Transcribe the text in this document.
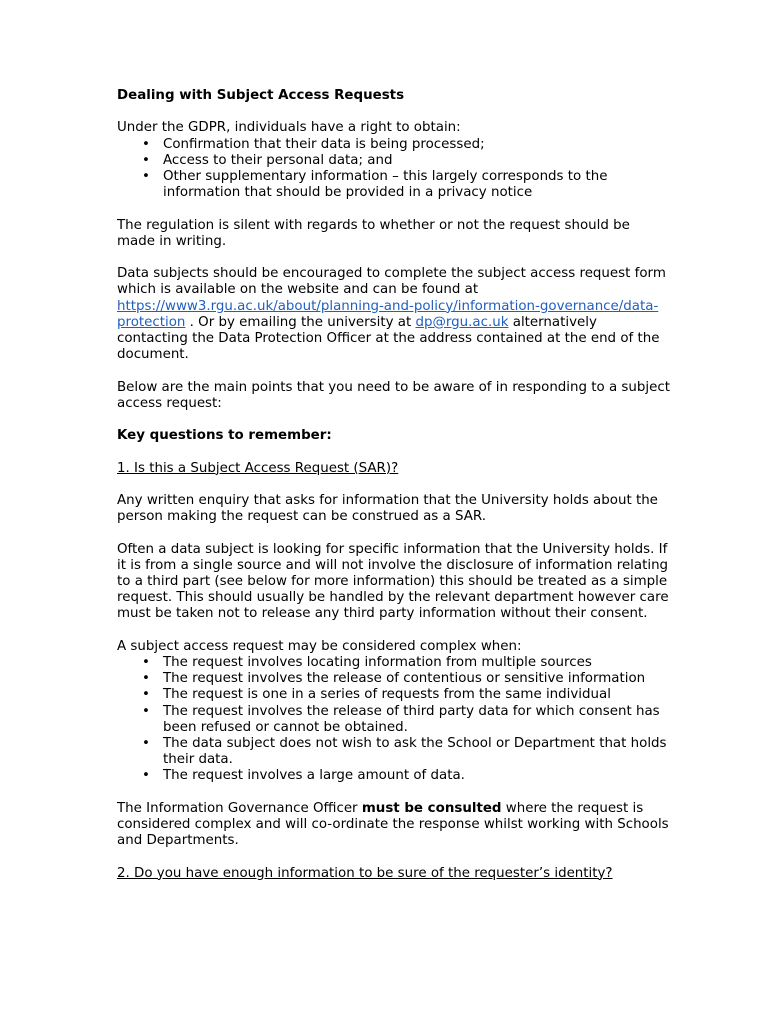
Dealing with Subject Access Requests

Under the GDPR, individuals have a right to obtain:

• Confirmation that their data is being processed;
• Access to their personal data; and
• Other supplementary information – this largely corresponds to the information that should be provided in a privacy notice

The regulation is silent with regards to whether or not the request should be made in writing.

Data subjects should be encouraged to complete the subject access request form which is available on the website and can be found at https://www3.rgu.ac.uk/about/planning-and-policy/information-governance/data-protection . Or by emailing the university at dp@rgu.ac.uk alternatively contacting the Data Protection Officer at the address contained at the end of the document.

Below are the main points that you need to be aware of in responding to a subject access request:

Key questions to remember:

1. Is this a Subject Access Request (SAR)?

Any written enquiry that asks for information that the University holds about the person making the request can be construed as a SAR.

Often a data subject is looking for specific information that the University holds. If it is from a single source and will not involve the disclosure of information relating to a third part (see below for more information) this should be treated as a simple request. This should usually be handled by the relevant department however care must be taken not to release any third party information without their consent.

A subject access request may be considered complex when:

• The request involves locating information from multiple sources
• The request involves the release of contentious or sensitive information
• The request is one in a series of requests from the same individual
• The request involves the release of third party data for which consent has been refused or cannot be obtained.
• The data subject does not wish to ask the School or Department that holds their data.
• The request involves a large amount of data.

The Information Governance Officer must be consulted where the request is considered complex and will co-ordinate the response whilst working with Schools and Departments.

2. Do you have enough information to be sure of the requester’s identity?
